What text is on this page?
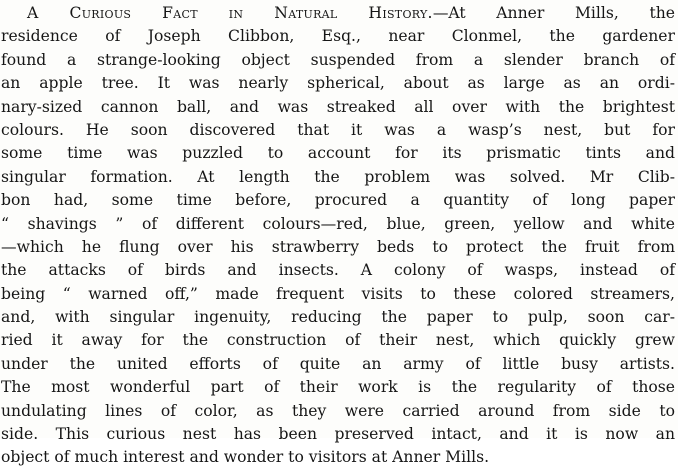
A Curious Fact in Natural History.—At Anner Mills, the
residence of Joseph Clibbon, Esq., near Clonmel, the gardener
found a strange-looking object suspended from a slender branch of
an apple tree. It was nearly spherical, about as large as an ordi-
nary-sized cannon ball, and was streaked all over with the brightest
colours. He soon discovered that it was a wasp’s nest, but for
some time was puzzled to account for its prismatic tints and
singular formation. At length the problem was solved. Mr Clib-
bon had, some time before, procured a quantity of long paper
“ shavings ” of different colours—red, blue, green, yellow and white
—which he flung over his strawberry beds to protect the fruit from
the attacks of birds and insects. A colony of wasps, instead of
being “ warned off,” made frequent visits to these colored streamers,
and, with singular ingenuity, reducing the paper to pulp, soon car-
ried it away for the construction of their nest, which quickly grew
under the united efforts of quite an army of little busy artists.
The most wonderful part of their work is the regularity of those
undulating lines of color, as they were carried around from side to
side. This curious nest has been preserved intact, and it is now an
object of much interest and wonder to visitors at Anner Mills.
